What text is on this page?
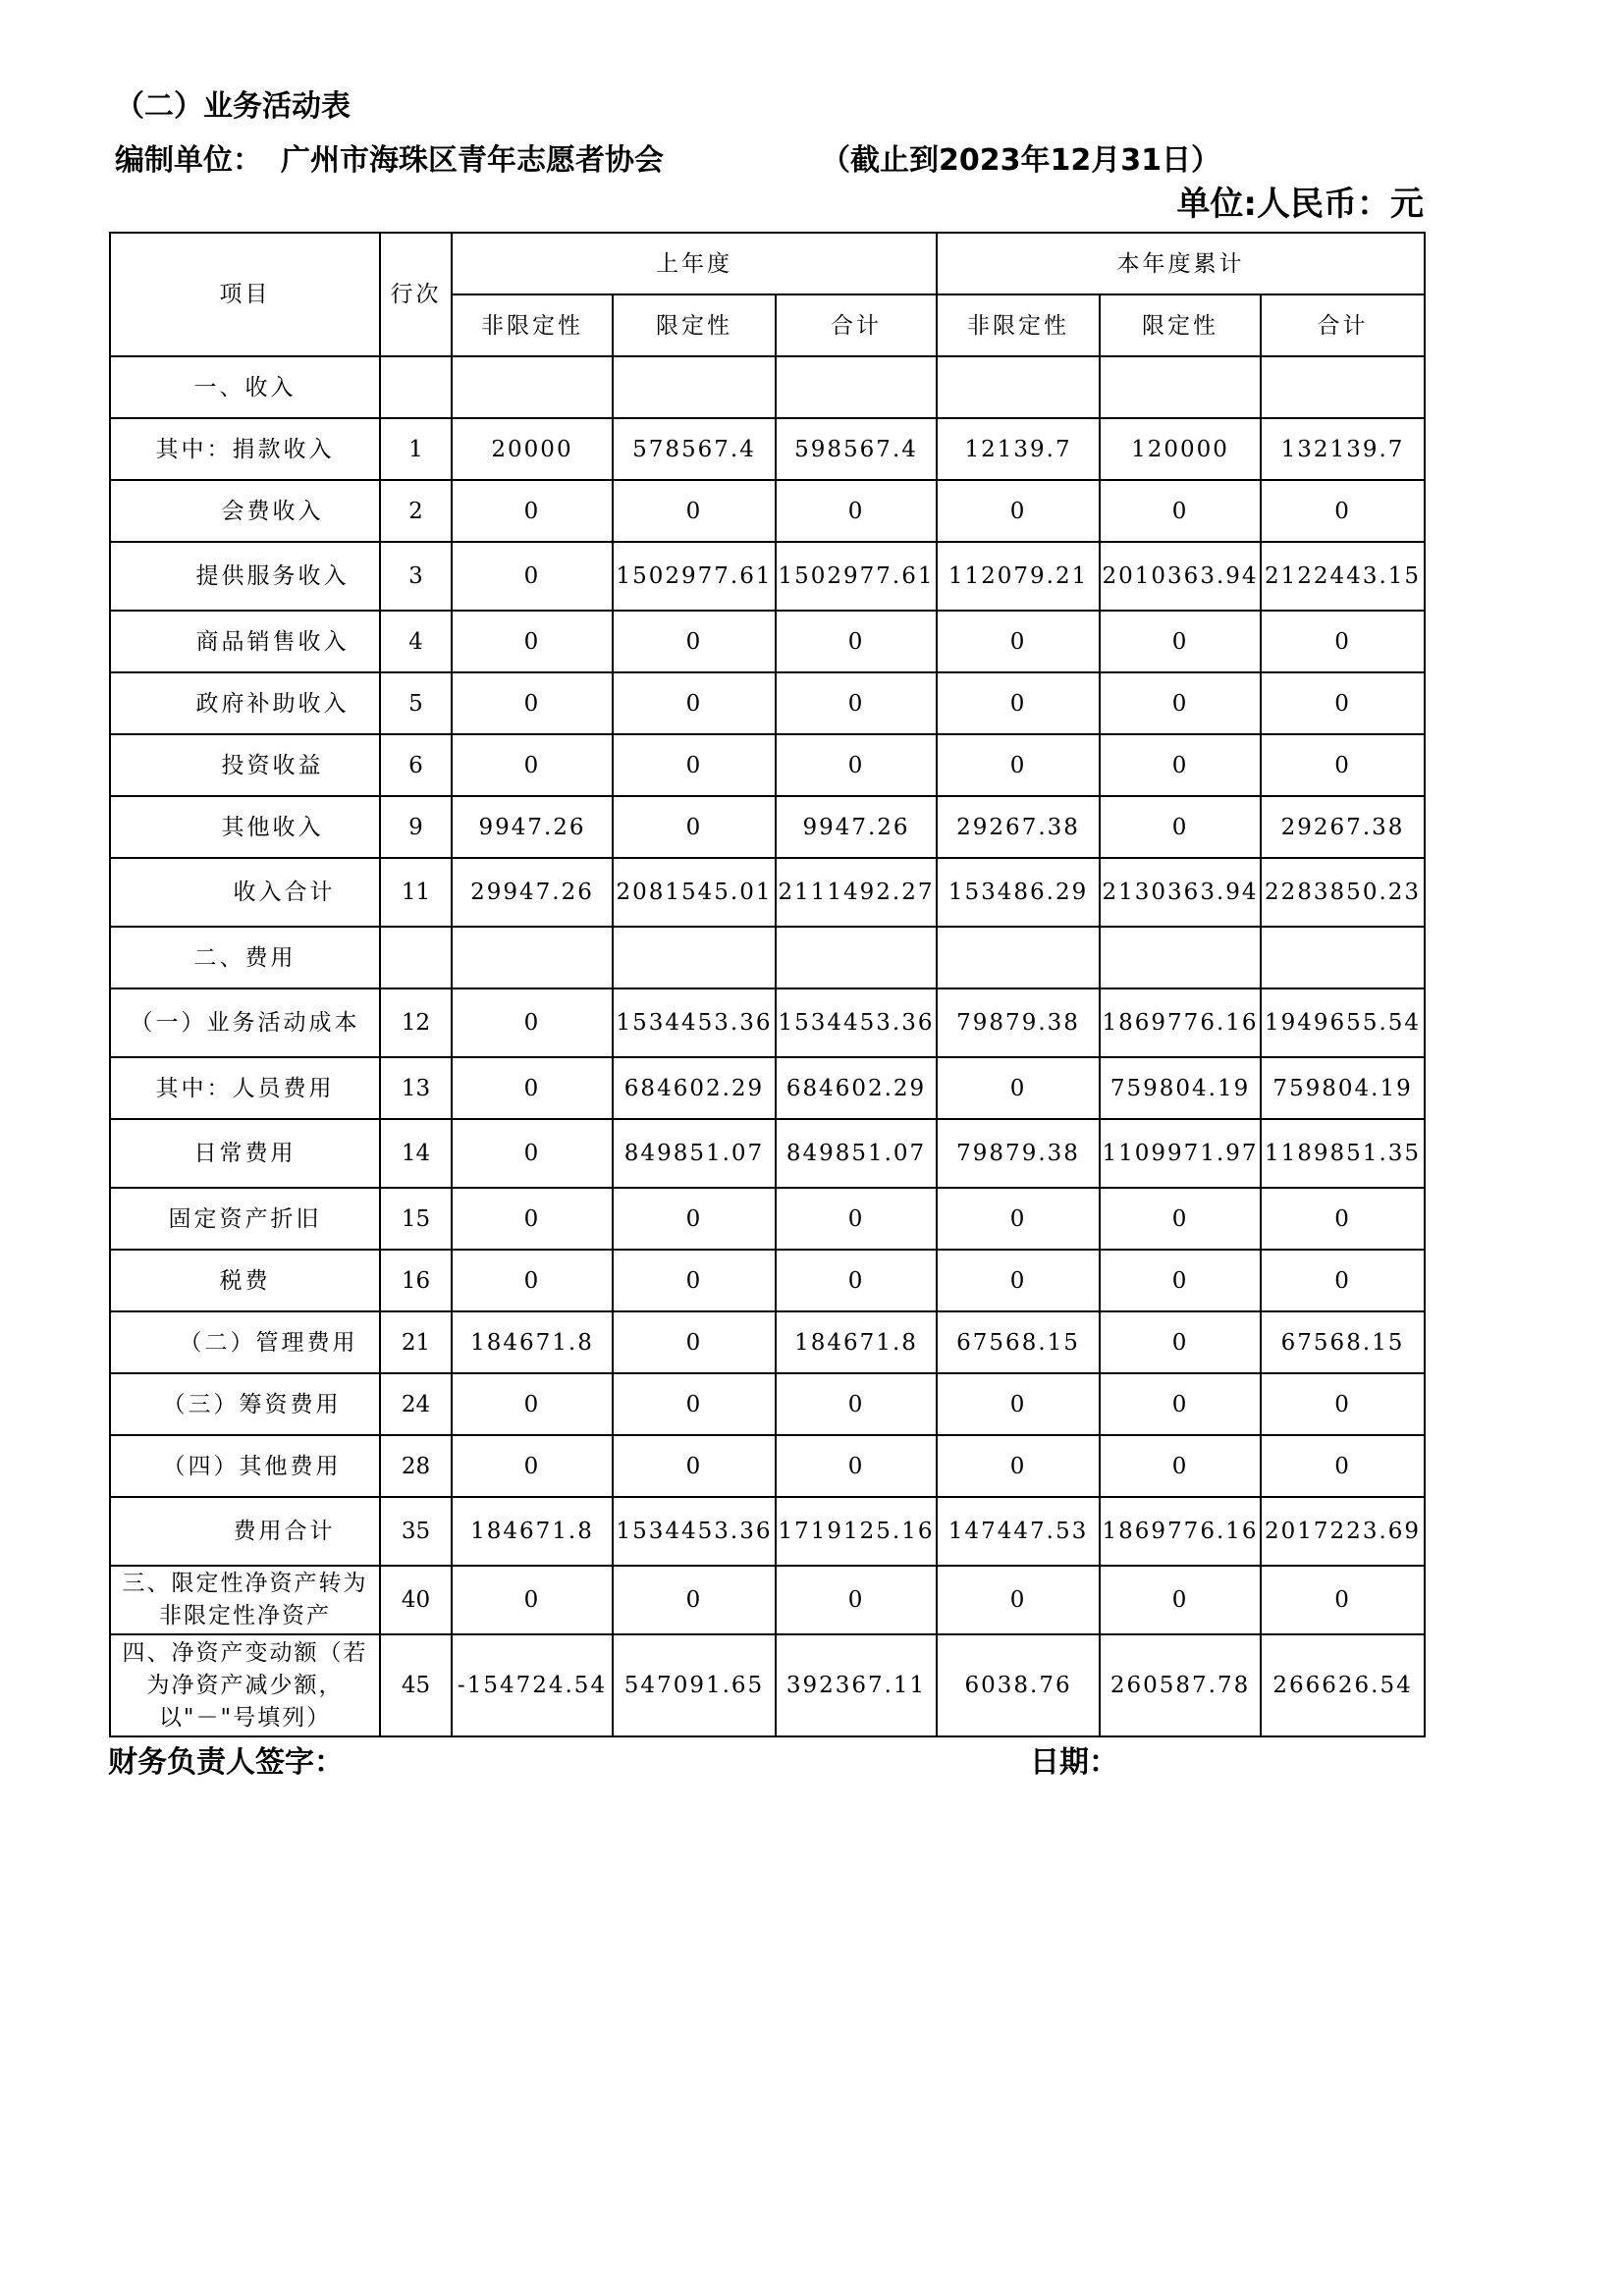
（二）业务活动表
编制单位： 广州市海珠区青年志愿者协会	（截止到2023年12月31日）
单位:人民币：元
项目	行次	上年度			本年度累计		
		非限定性	限定性	合计	非限定性	限定性	合计
一、收入							
其中：捐款收入	1	20000	578567.4	598567.4	12139.7	120000	132139.7
会费收入	2	0	0	0	0	0	0
提供服务收入	3	0	1502977.61	1502977.61	112079.21	2010363.94	2122443.15
商品销售收入	4	0	0	0	0	0	0
政府补助收入	5	0	0	0	0	0	0
投资收益	6	0	0	0	0	0	0
其他收入	9	9947.26	0	9947.26	29267.38	0	29267.38
收入合计	11	29947.26	2081545.01	2111492.27	153486.29	2130363.94	2283850.23
二、费用							
（一）业务活动成本	12	0	1534453.36	1534453.36	79879.38	1869776.16	1949655.54
其中：人员费用	13	0	684602.29	684602.29	0	759804.19	759804.19
日常费用	14	0	849851.07	849851.07	79879.38	1109971.97	1189851.35
固定资产折旧	15	0	0	0	0	0	0
税费	16	0	0	0	0	0	0
（二）管理费用	21	184671.8	0	184671.8	67568.15	0	67568.15
（三）筹资费用	24	0	0	0	0	0	0
（四）其他费用	28	0	0	0	0	0	0
费用合计	35	184671.8	1534453.36	1719125.16	147447.53	1869776.16	2017223.69
三、限定性净资产转为非限定性净资产	40	0	0	0	0	0	0
四、净资产变动额（若为净资产减少额，以"－"号填列）	45	-154724.54	547091.65	392367.11	6038.76	260587.78	266626.54
财务负责人签字：	日期：
